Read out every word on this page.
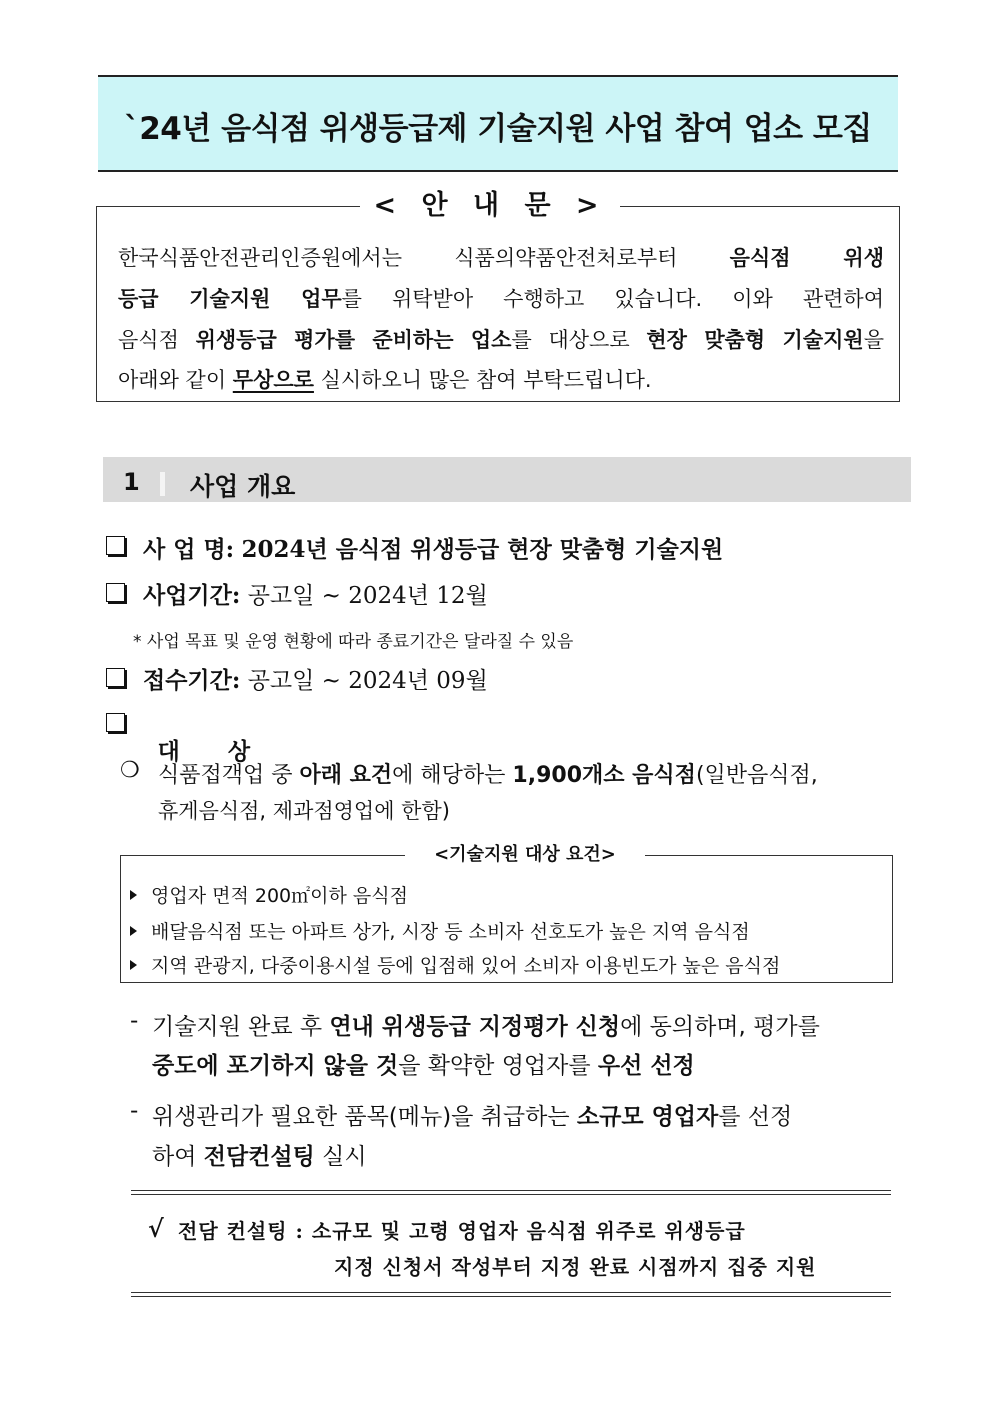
`24년 음식점 위생등급제 기술지원 사업 참여 업소 모집
< 안 내 문 >
한국식품안전관리인증원에서는 식품의약품안전처로부터 음식점 위생
등급 기술지원 업무를 위탁받아 수행하고 있습니다. 이와 관련하여
음식점 위생등급 평가를 준비하는 업소를 대상으로 현장 맞춤형 기술지원을
아래와 같이 무상으로 실시하오니 많은 참여 부탁드립니다.
1 사업 개요
사 업 명: 2024년 음식점 위생등급 현장 맞춤형 기술지원
사업기간: 공고일 ~ 2024년 12월
* 사업 목표 및 운영 현황에 따라 종료기간은 달라질 수 있음
접수기간: 공고일 ~ 2024년 09월

대      상

❍ 식품접객업 중 아래 요건에 해당하는 1,900개소 음식점(일반음식점,
휴게음식점, 제과점영업에 한함)
<기술지원 대상 요건>
영업자 면적 200㎡이하 음식점
배달음식점 또는 아파트 상가, 시장 등 소비자 선호도가 높은 지역 음식점
지역 관광지, 다중이용시설 등에 입점해 있어 소비자 이용빈도가 높은 음식점
- 기술지원 완료 후 연내 위생등급 지정평가 신청에 동의하며, 평가를
중도에 포기하지 않을 것을 확약한 영업자를 우선 선정
- 위생관리가 필요한 품목(메뉴)을 취급하는 소규모 영업자를 선정
하여 전담컨설팅 실시
√ 전담 컨설팅 : 소규모 및 고령 영업자 음식점 위주로 위생등급
지정 신청서 작성부터 지정 완료 시점까지 집중 지원
